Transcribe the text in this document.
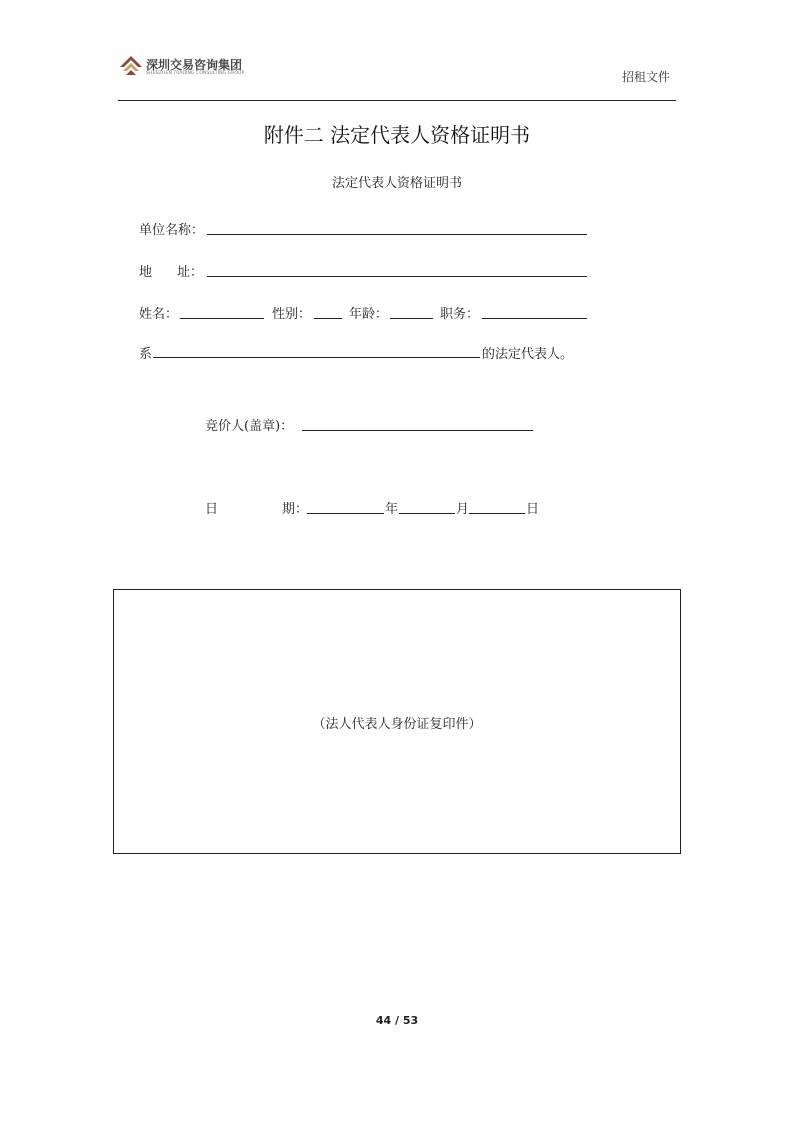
深圳交易咨询集团
SHENZHEN TRADING CONSULTING GROUP	招租文件
附件二 法定代表人资格证明书
法定代表人资格证明书
单位名称：
地 址：
姓名：	性别：	年龄：	职务：
系	的法定代表人。
竞价人(盖章)：
日	期：	年	月	日
（法人代表人身份证复印件）
44 / 53
